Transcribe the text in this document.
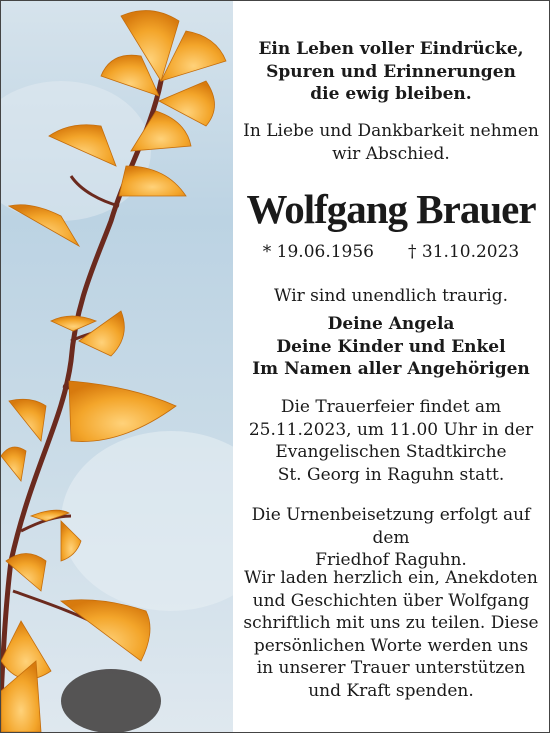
Ein Leben voller Eindrücke,

Spuren und Erinnerungen

die ewig bleiben.

In Liebe und Dankbarkeit nehmen

wir Abschied.

Wolfgang Brauer
* 19.06.1956 † 31.10.2023
Wir sind unendlich traurig.

Deine Angela

Deine Kinder und Enkel

Im Namen aller Angehörigen

Die Trauerfeier findet am

25.11.2023, um 11.00 Uhr in der

Evangelischen Stadtkirche

St. Georg in Raguhn statt.

Die Urnenbeisetzung erfolgt auf dem

Friedhof Raguhn.

Wir laden herzlich ein, Anekdoten

und Geschichten über Wolfgang

schriftlich mit uns zu teilen. Diese

persönlichen Worte werden uns

in unserer Trauer unterstützen

und Kraft spenden.
